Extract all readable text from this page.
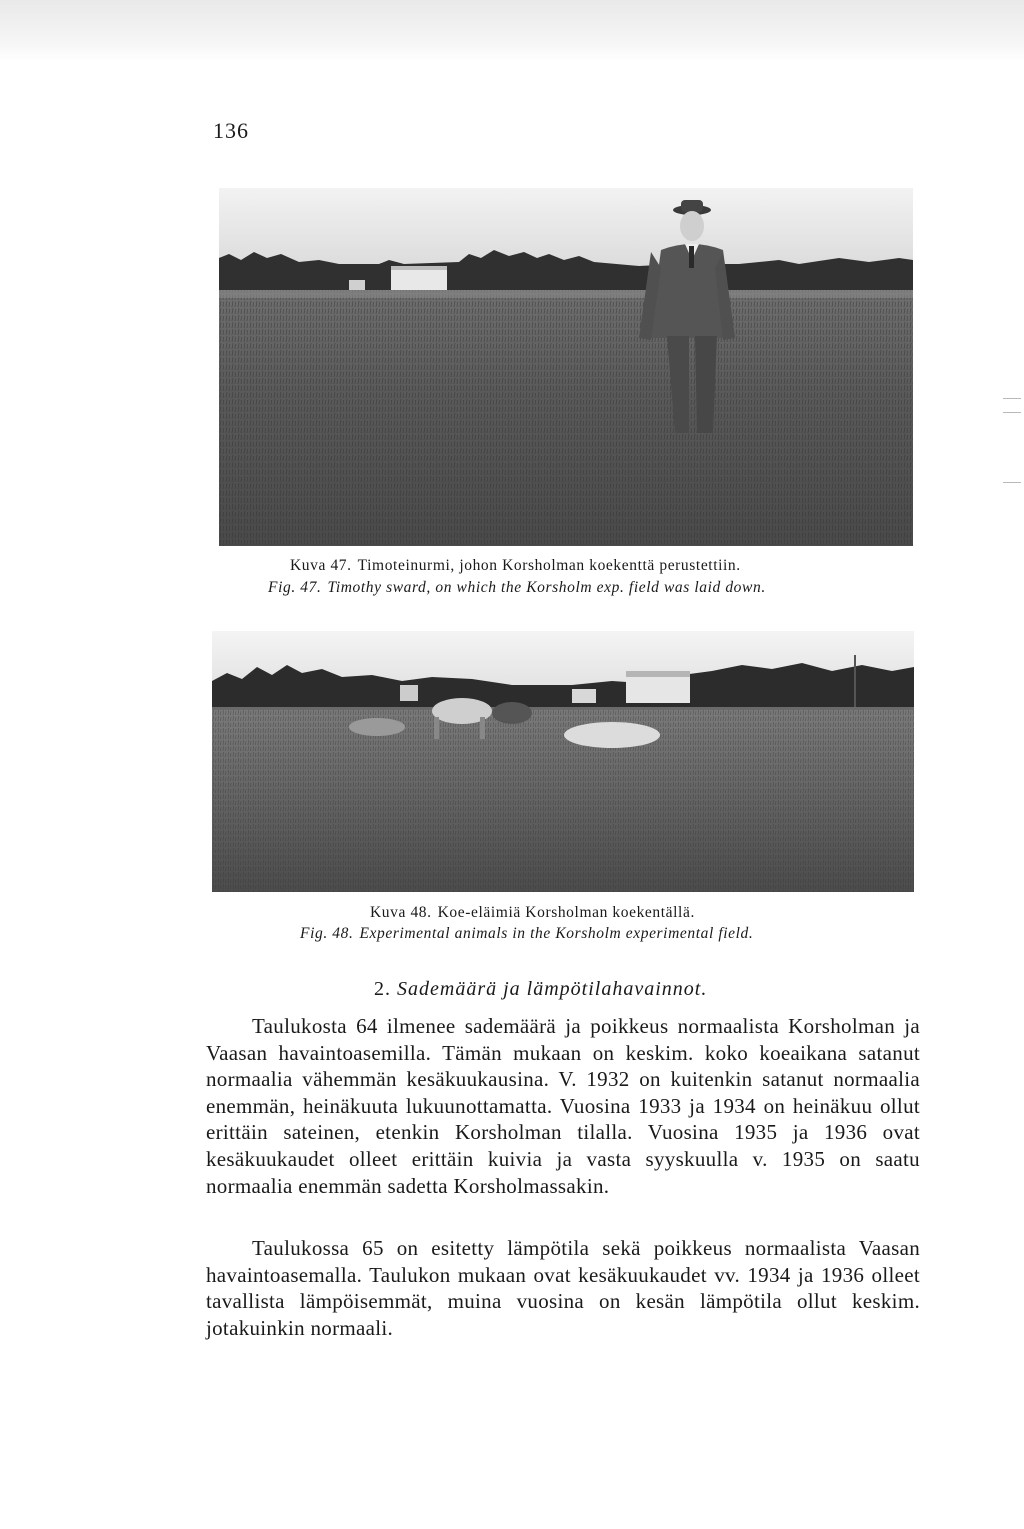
136
Kuva 47. Timoteinurmi, johon Korsholman koekenttä perustettiin.
Fig. 47. Timothy sward, on which the Korsholm exp. field was laid down.
Kuva 48. Koe-eläimiä Korsholman koekentällä.
Fig. 48. Experimental animals in the Korsholm experimental field.
2. Sademäärä ja lämpötilahavainnot.

Taulukosta 64 ilmenee sademäärä ja poikkeus normaalista Korsholman ja Vaasan havaintoasemilla. Tämän mukaan on keskim. koko koeaikana satanut normaalia vähemmän kesäkuukausina. V. 1932 on kuitenkin satanut normaalia enemmän, heinäkuuta lukuunottamatta. Vuosina 1933 ja 1934 on heinäkuu ollut erittäin sateinen, etenkin Korsholman tilalla. Vuosina 1935 ja 1936 ovat kesäkuukaudet olleet erittäin kuivia ja vasta syyskuulla v. 1935 on saatu normaalia enemmän sadetta Korsholmassakin.

Taulukossa 65 on esitetty lämpötila sekä poikkeus normaalista Vaasan havaintoasemalla. Taulukon mukaan ovat kesäkuukaudet vv. 1934 ja 1936 olleet tavallista lämpöisemmät, muina vuosina on kesän lämpötila ollut keskim. jotakuinkin normaali.
